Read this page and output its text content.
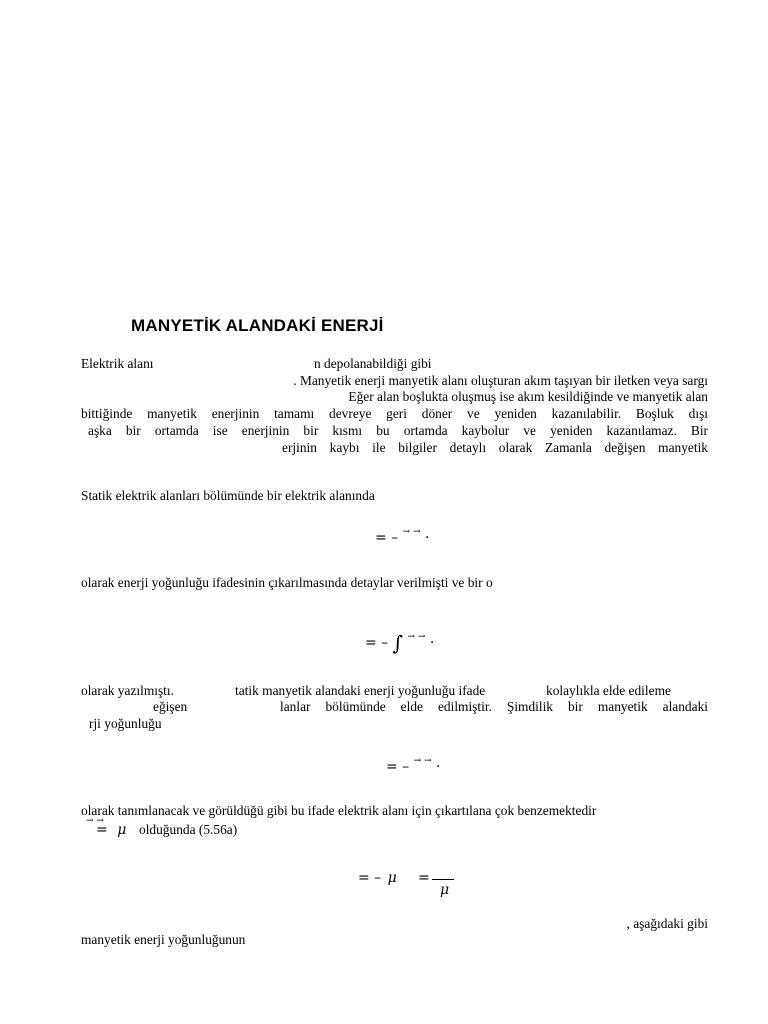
MANYETİK ALANDAKİ ENERJİ
Elektrik alanı	n depolanabildiği gibi
. Manyetik enerji manyetik alanı oluşturan akım taşıyan bir iletken veya sargı
Eğer alan boşlukta oluşmuş ise akım kesildiğinde ve manyetik alan
bittiğinde manyetik enerjinin tamamı devreye geri döner ve yeniden kazanılabilir. Boşluk dışı
aşka bir ortamda ise enerjinin bir kısmı bu ortamda kaybolur ve yeniden kazanılamaz. Bir
erjinin kaybı ile bilgiler detaylı olarak Zamanla değişen manyetik
Statik elektrik alanları bölümünde bir elektrik alanında
= – → → ·
olarak enerji yoğunluğu ifadesinin çıkarılmasında detaylar verilmişti ve bir o
= – ∫ → → ·
olarak yazılmıştı.	tatik manyetik alandaki enerji yoğunluğu ifade	kolaylıkla elde edileme
eğişen	lanlar bölümünde elde edilmiştir. Şimdilik bir manyetik alandaki
rji yoğunluğu
= – → → ·
olarak tanımlanacak ve görüldüğü gibi bu ifade elektrik alanı için çıkartılana çok benzemektedir
→ →
= μ olduğunda (5.56a)
= – μ =
μ
, aşağıdaki gibi
manyetik enerji yoğunluğunun
